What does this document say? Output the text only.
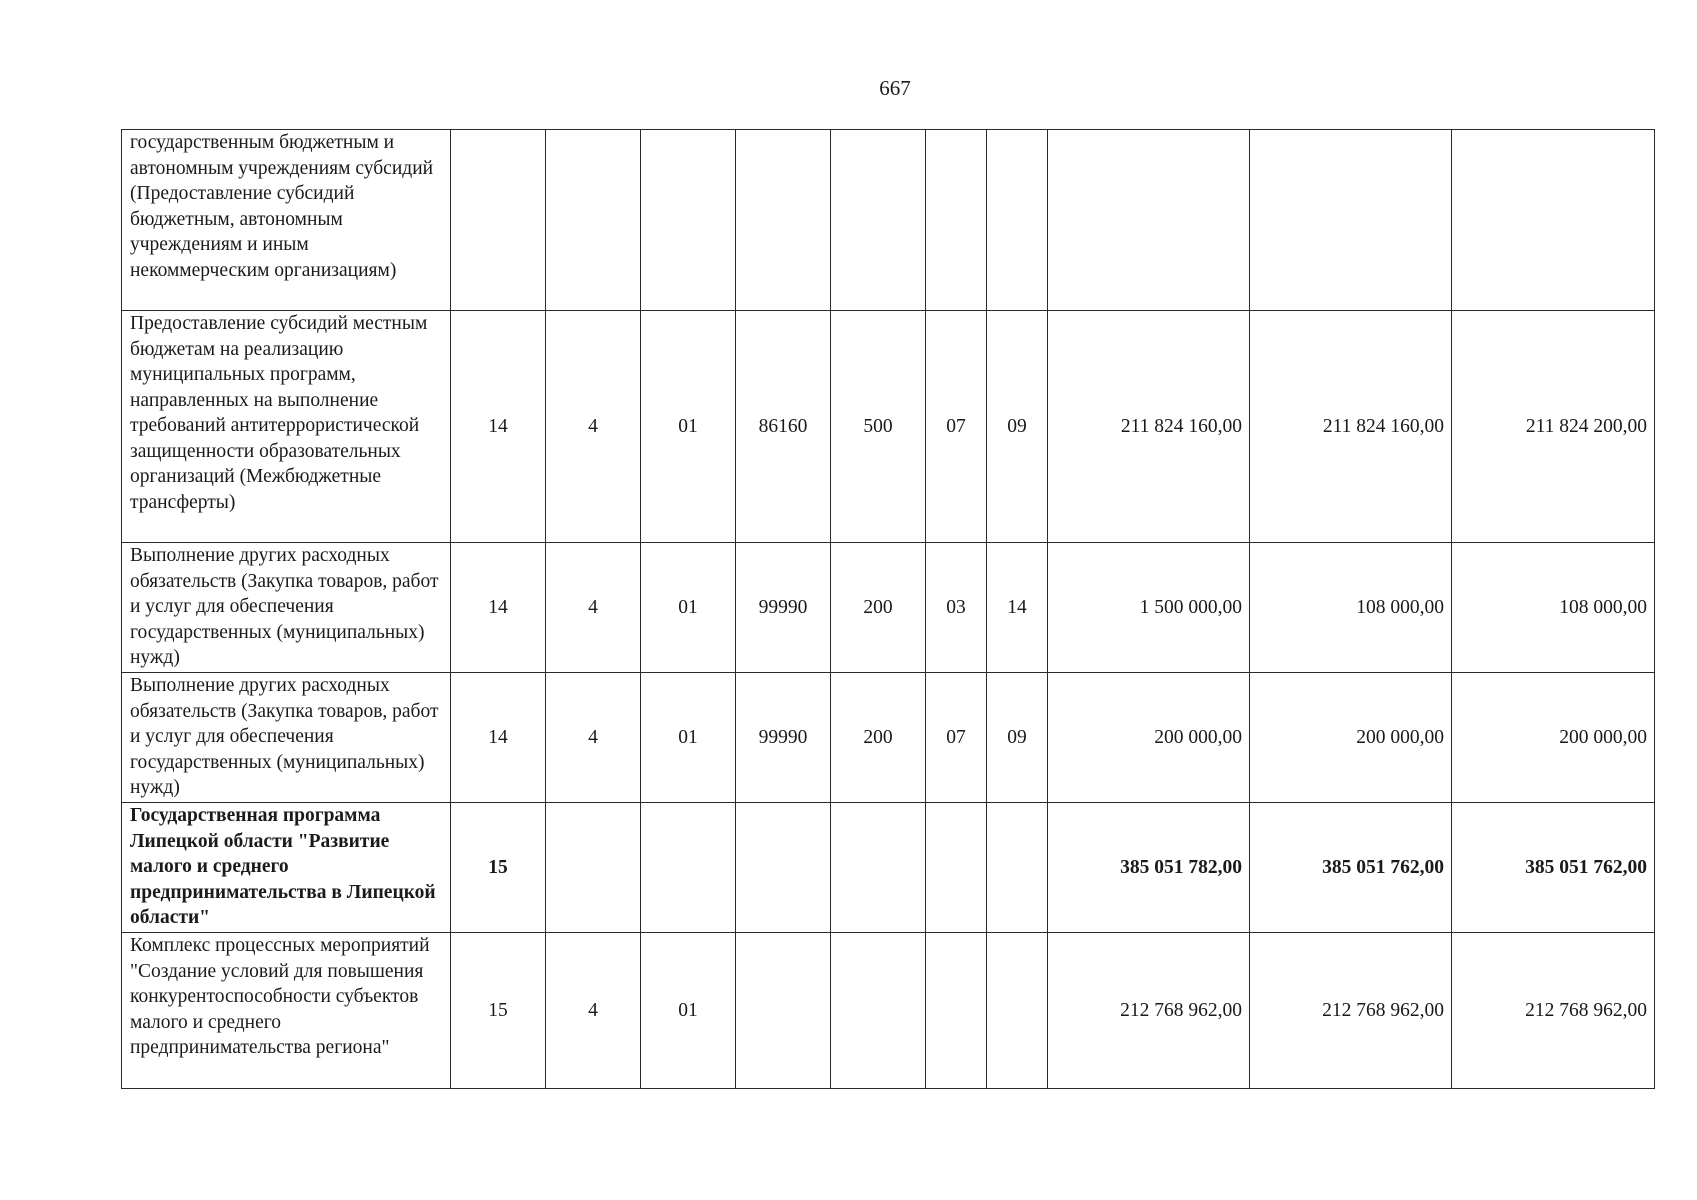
667
государственным бюджетным и автономным учреждениям субсидий (Предоставление субсидий бюджетным, автономным учреждениям и иным некоммерческим организациям)										
Предоставление субсидий местным бюджетам на реализацию муниципальных программ, направленных на выполнение требований антитеррористической защищенности образовательных организаций (Межбюджетные трансферты)	14	4	01	86160	500	07	09	211 824 160,00	211 824 160,00	211 824 200,00
Выполнение других расходных обязательств (Закупка товаров, работ и услуг для обеспечения государственных (муниципальных) нужд)	14	4	01	99990	200	03	14	1 500 000,00	108 000,00	108 000,00
Выполнение других расходных обязательств (Закупка товаров, работ и услуг для обеспечения государственных (муниципальных) нужд)	14	4	01	99990	200	07	09	200 000,00	200 000,00	200 000,00
Государственная программа Липецкой области "Развитие малого и среднего предпринимательства в Липецкой области"	15							385 051 782,00	385 051 762,00	385 051 762,00
Комплекс процессных мероприятий "Создание условий для повышения конкурентоспособности субъектов малого и среднего предпринимательства региона"	15	4	01					212 768 962,00	212 768 962,00	212 768 962,00
